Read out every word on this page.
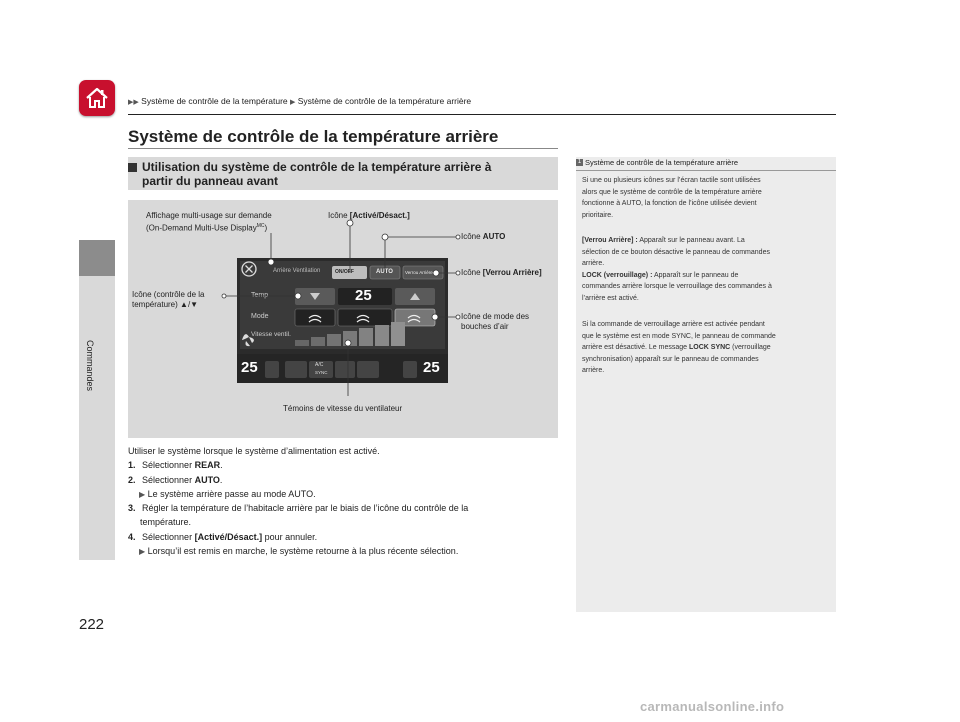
▶▶ Système de contrôle de la température ▶ Système de contrôle de la température arrière
Commandes
222
Système de contrôle de la température arrière
Utilisation du système de contrôle de la température arrière à
partir du panneau avant
Arrière Ventilation	ON/OFF	AUTO	Verrou Arrière
Temp	25
Mode
Vitesse ventil.
25	25
A/C
SYNC
Affichage multi-usage sur demande
(On-Demand Multi-Use Display$^{MC}$)
Icône [Activé/Désact.]
Icône AUTO
Icône [Verrou Arrière]
Icône (contrôle de la
température) ▲/▼
Icône de mode des
bouches d’air
Témoins de vitesse du ventilateur
Utiliser le système lorsque le système d’alimentation est activé.
1. Sélectionner REAR.
2. Sélectionner AUTO.
▶ Le système arrière passe au mode AUTO.
3. Régler la température de l’habitacle arrière par le biais de l’icône du contrôle de la
température.
4. Sélectionner [Activé/Désact.] pour annuler.
▶ Lorsqu’il est remis en marche, le système retourne à la plus récente sélection.
1 Système de contrôle de la température arrière
Si une ou plusieurs icônes sur l’écran tactile sont utilisées
alors que le système de contrôle de la température arrière
fonctionne à AUTO, la fonction de l’icône utilisée devient
prioritaire.
[Verrou Arrière] : Apparaît sur le panneau avant. La
sélection de ce bouton désactive le panneau de commandes
arrière.
LOCK (verrouillage) : Apparaît sur le panneau de
commandes arrière lorsque le verrouillage des commandes à
l’arrière est activé.
Si la commande de verrouillage arrière est activée pendant
que le système est en mode SYNC, le panneau de commande
arrière est désactivé. Le message LOCK SYNC (verrouillage
synchronisation) apparaît sur le panneau de commandes
arrière.
carmanualsonline.info
